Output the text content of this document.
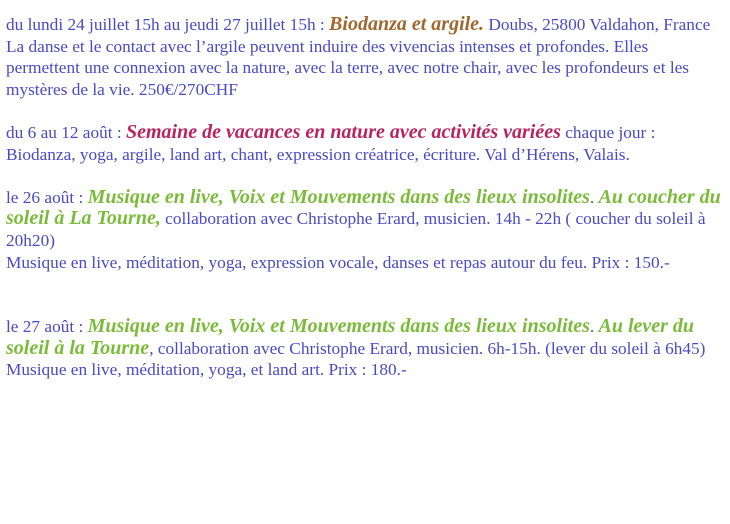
du lundi 24 juillet 15h au jeudi 27 juillet 15h : Biodanza et argile. Doubs, 25800 Valdahon, France

La danse et le contact avec l’argile peuvent induire des vivencias intenses et profondes. Elles permettent une connexion avec la nature, avec la terre, avec notre chair, avec les profondeurs et les mystères de la vie. 250€/270CHF

du 6 au 12 août : Semaine de vacances en nature avec activités variées chaque jour : Biodanza, yoga, argile, land art, chant, expression créatrice, écriture. Val d’Hérens, Valais.

le 26 août : Musique en live, Voix et Mouvements dans des lieux insolites. Au coucher du soleil à La Tourne, collaboration avec Christophe Erard, musicien. 14h - 22h ( coucher du soleil à 20h20)

Musique en live, méditation, yoga, expression vocale, danses et repas autour du feu. Prix : 150.-

le 27 août : Musique en live, Voix et Mouvements dans des lieux insolites. Au lever du soleil à la Tourne, collaboration avec Christophe Erard, musicien. 6h-15h. (lever du soleil à 6h45)

Musique en live, méditation, yoga, et land art. Prix : 180.-
